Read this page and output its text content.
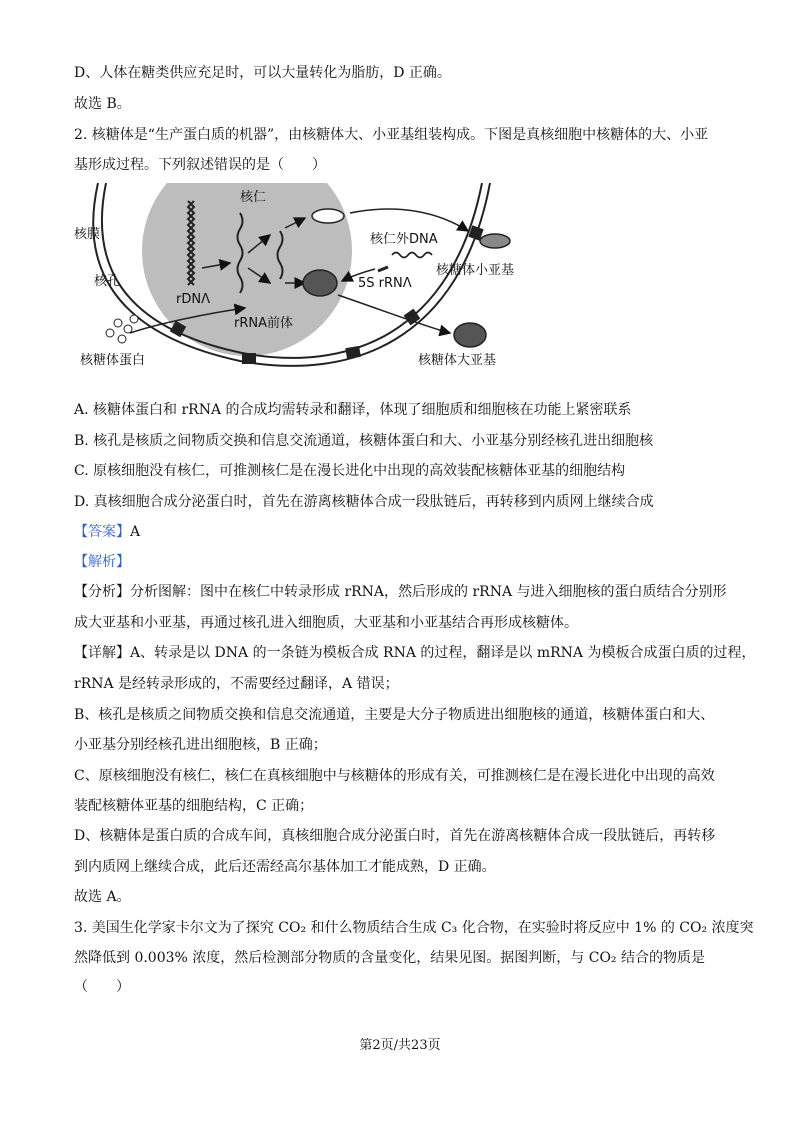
D、人体在糖类供应充足时，可以大量转化为脂肪，D 正确。
故选 B。
2. 核糖体是“生产蛋白质的机器”，由核糖体大、小亚基组装构成。下图是真核细胞中核糖体的大、小亚
基形成过程。下列叙述错误的是（　　）
核膜
核仁
核孔
rDNΛ
rRNA前体
核仁外DNA
5S rRNΛ
核糖体小亚基
核糖体大亚基
核糖体蛋白
A. 核糖体蛋白和 rRNA 的合成均需转录和翻译，体现了细胞质和细胞核在功能上紧密联系
B. 核孔是核质之间物质交换和信息交流通道，核糖体蛋白和大、小亚基分别经核孔进出细胞核
C. 原核细胞没有核仁，可推测核仁是在漫长进化中出现的高效装配核糖体亚基的细胞结构
D. 真核细胞合成分泌蛋白时，首先在游离核糖体合成一段肽链后，再转移到内质网上继续合成
【答案】A
【解析】
【分析】分析图解：图中在核仁中转录形成 rRNA，然后形成的 rRNA 与进入细胞核的蛋白质结合分别形
成大亚基和小亚基，再通过核孔进入细胞质，大亚基和小亚基结合再形成核糖体。
【详解】A、转录是以 DNA 的一条链为模板合成 RNA 的过程，翻译是以 mRNA 为模板合成蛋白质的过程，
rRNA 是经转录形成的，不需要经过翻译，A 错误；
B、核孔是核质之间物质交换和信息交流通道，主要是大分子物质进出细胞核的通道，核糖体蛋白和大、
小亚基分别经核孔进出细胞核，B 正确；
C、原核细胞没有核仁，核仁在真核细胞中与核糖体的形成有关，可推测核仁是在漫长进化中出现的高效
装配核糖体亚基的细胞结构，C 正确；
D、核糖体是蛋白质的合成车间，真核细胞合成分泌蛋白时，首先在游离核糖体合成一段肽链后，再转移
到内质网上继续合成，此后还需经高尔基体加工才能成熟，D 正确。
故选 A。
3. 美国生化学家卡尔文为了探究 CO₂ 和什么物质结合生成 C₃ 化合物，在实验时将反应中 1% 的 CO₂ 浓度突
然降低到 0.003% 浓度，然后检测部分物质的含量变化，结果见图。据图判断，与 CO₂ 结合的物质是
（　　）
第2页/共23页
